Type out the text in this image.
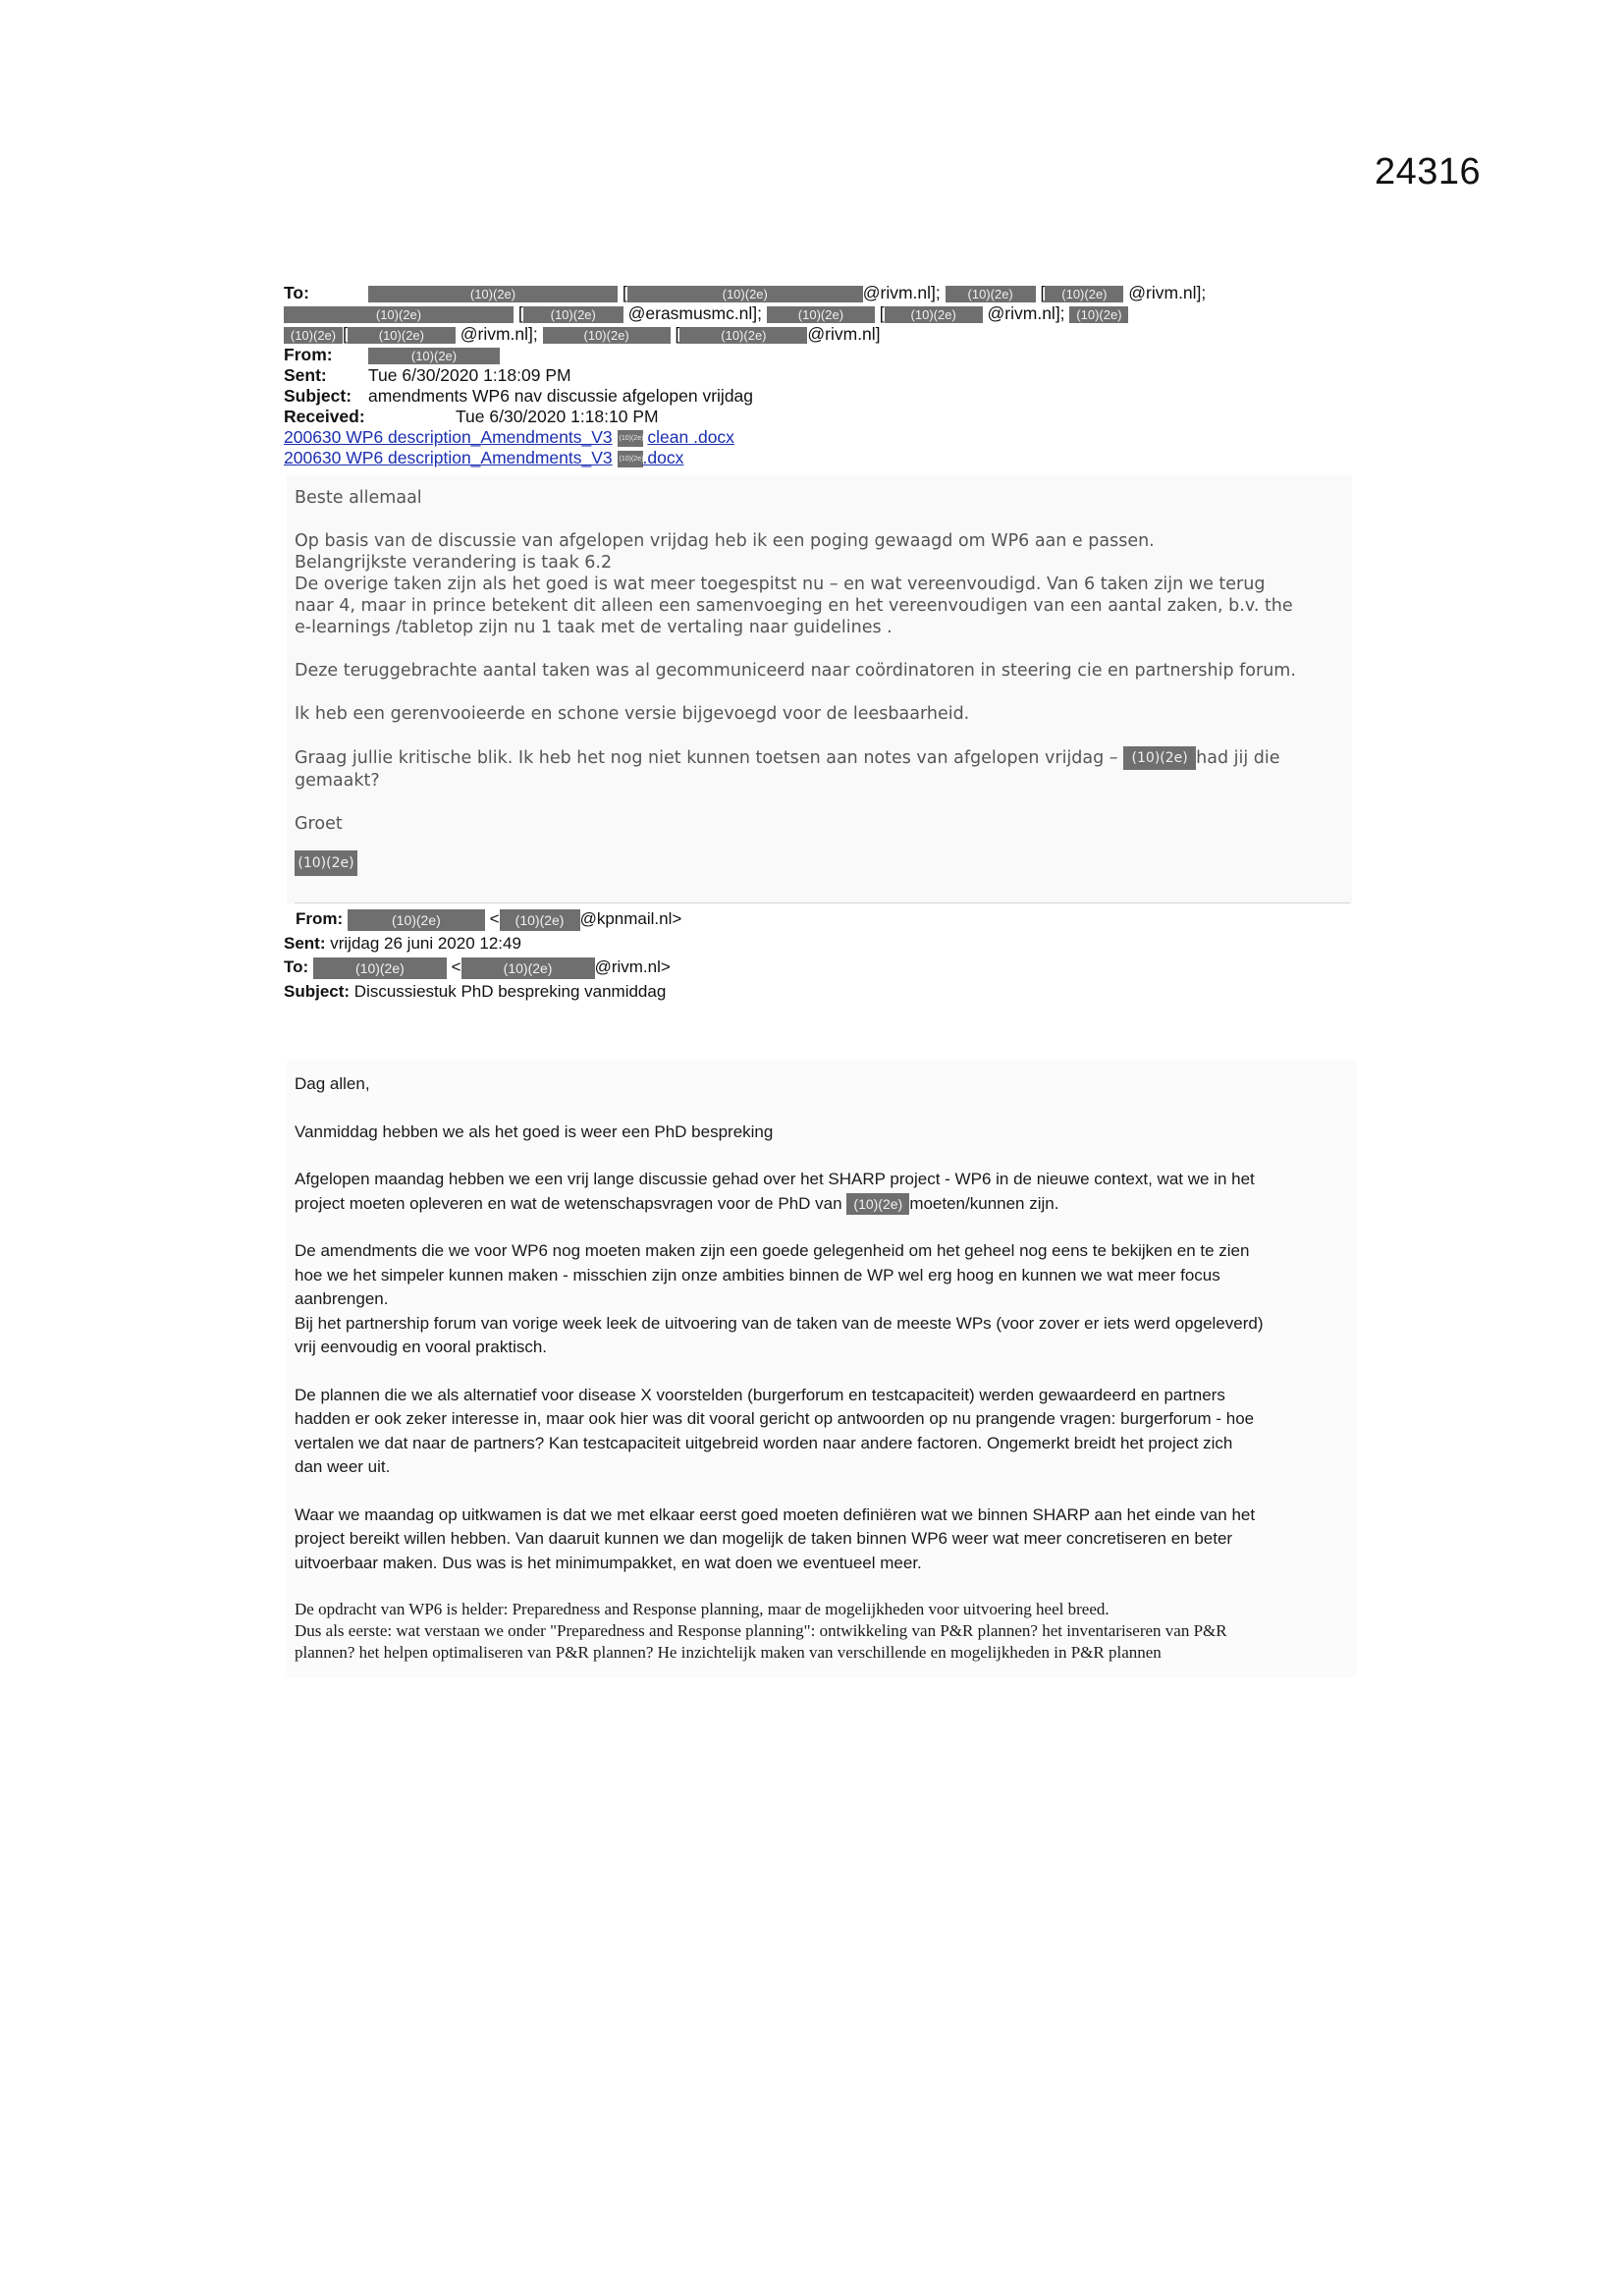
24316
To:	(10)(2e)	[	(10)(2e)	@rivm.nl]; (10)(2e) [ (10)(2e) @rivm.nl];
(10)(2e)	[ (10)(2e) @erasmusmc.nl];	(10)(2e) [ (10)(2e) @rivm.nl]; (10)(2e)
(10)(2e) [ (10)(2e) @rivm.nl];	(10)(2e)	[	(10)(2e) @rivm.nl]
From:	(10)(2e)
Sent: Tue 6/30/2020 1:18:09 PM
Subject: amendments WP6 nav discussie afgelopen vrijdag
Received:	Tue 6/30/2020 1:18:10 PM
200630 WP6 description_Amendments_V3 (10)(2e) clean .docx
200630 WP6 description_Amendments_V3 (10)(2e).docx

Beste allemaal

Op basis van de discussie van afgelopen vrijdag heb ik een poging gewaagd om WP6 aan e passen.
Belangrijkste verandering is taak 6.2
De overige taken zijn als het goed is wat meer toegespitst nu – en wat vereenvoudigd. Van 6 taken zijn we terug
naar 4, maar in prince betekent dit alleen een samenvoeging en het vereenvoudigen van een aantal zaken, b.v. the
e-learnings /tabletop zijn nu 1 taak met de vertaling naar guidelines .

Deze teruggebrachte aantal taken was al gecommuniceerd naar coördinatoren in steering cie en partnership forum.

Ik heb een gerenvooieerde en schone versie bijgevoegd voor de leesbaarheid.

Graag jullie kritische blik. Ik heb het nog niet kunnen toetsen aan notes van afgelopen vrijdag – (10)(2e) had jij die
gemaakt?

Groet

(10)(2e)

From:	(10)(2e)	< (10)(2e) @kpnmail.nl>
Sent: vrijdag 26 juni 2020 12:49
To:	(10)(2e)	<	(10)(2e)	@rivm.nl>
Subject: Discussiestuk PhD bespreking vanmiddag

Dag allen,

Vanmiddag hebben we als het goed is weer een PhD bespreking

Afgelopen maandag hebben we een vrij lange discussie gehad over het SHARP project - WP6 in de nieuwe context, wat we in het
project moeten opleveren en wat de wetenschapsvragen voor de PhD van (10)(2e) moeten/kunnen zijn.

De amendments die we voor WP6 nog moeten maken zijn een goede gelegenheid om het geheel nog eens te bekijken en te zien
hoe we het simpeler kunnen maken - misschien zijn onze ambities binnen de WP wel erg hoog en kunnen we wat meer focus
aanbrengen.
Bij het partnership forum van vorige week leek de uitvoering van de taken van de meeste WPs (voor zover er iets werd opgeleverd)
vrij eenvoudig en vooral praktisch.

De plannen die we als alternatief voor disease X voorstelden (burgerforum en testcapaciteit) werden gewaardeerd en partners
hadden er ook zeker interesse in, maar ook hier was dit vooral gericht op antwoorden op nu prangende vragen: burgerforum - hoe
vertalen we dat naar de partners? Kan testcapaciteit uitgebreid worden naar andere factoren. Ongemerkt breidt het project zich
dan weer uit.

Waar we maandag op uitkwamen is dat we met elkaar eerst goed moeten definiëren wat we binnen SHARP aan het einde van het
project bereikt willen hebben. Van daaruit kunnen we dan mogelijk de taken binnen WP6 weer wat meer concretiseren en beter
uitvoerbaar maken. Dus was is het minimumpakket, en wat doen we eventueel meer.

De opdracht van WP6 is helder: Preparedness and Response planning, maar de mogelijkheden voor uitvoering heel breed.
Dus als eerste: wat verstaan we onder "Preparedness and Response planning": ontwikkeling van P&R plannen? het inventariseren van P&R
plannen? het helpen optimaliseren van P&R plannen? He inzichtelijk maken van verschillende en mogelijkheden in P&R plannen
